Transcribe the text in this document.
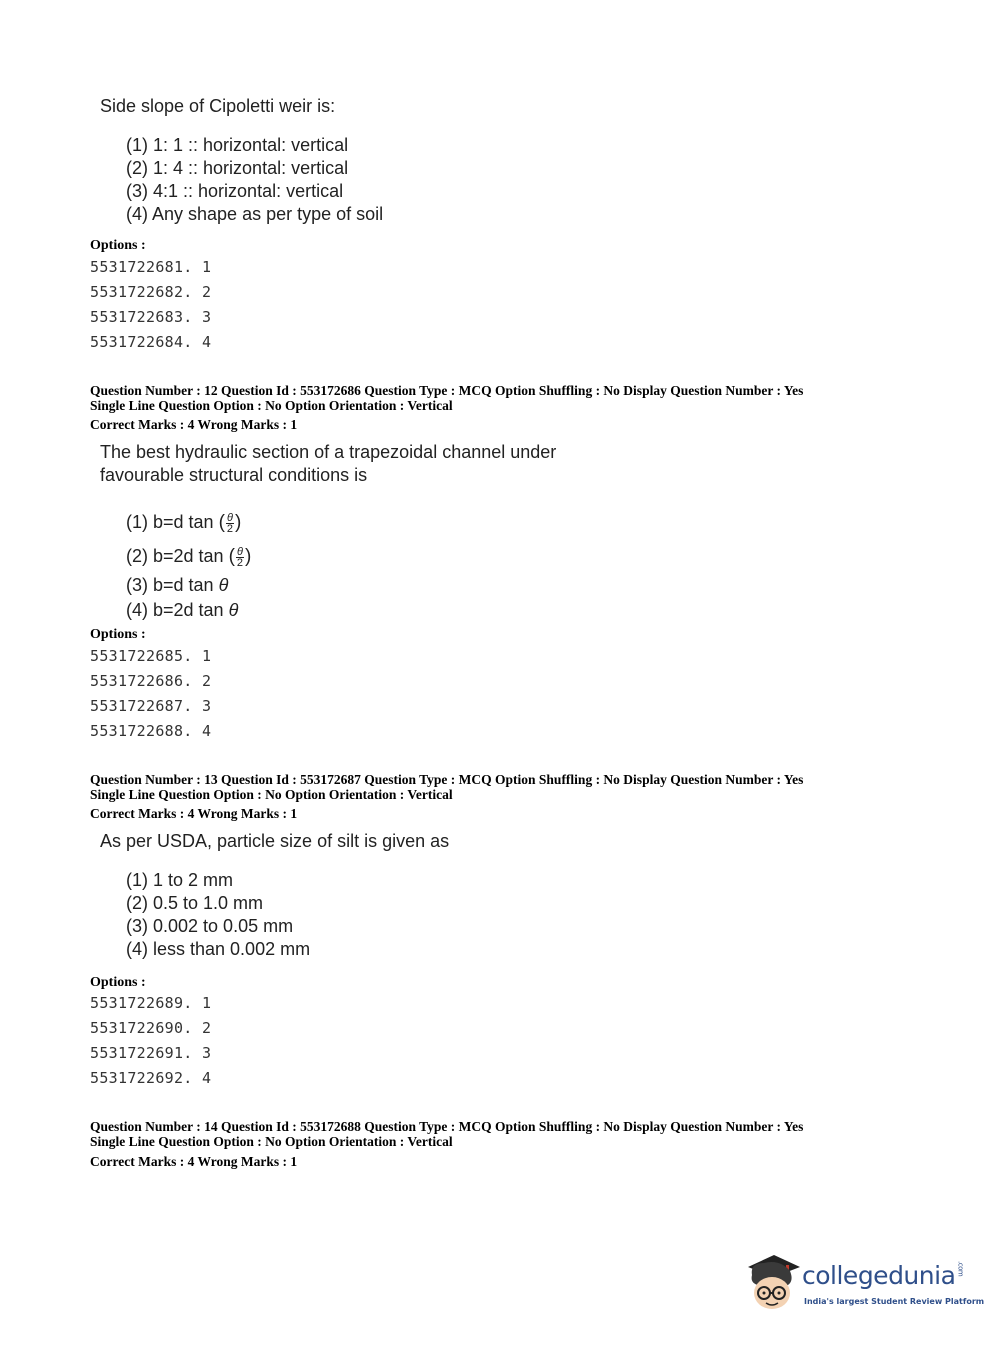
Side slope of Cipoletti weir is:
(1) 1: 1 :: horizontal: vertical
(2) 1: 4 :: horizontal: vertical
(3) 4:1 :: horizontal: vertical
(4) Any shape as per type of soil
Options :
5531722681. 1
5531722682. 2
5531722683. 3
5531722684. 4
Question Number : 12 Question Id : 553172686 Question Type : MCQ Option Shuffling : No Display Question Number : Yes
Single Line Question Option : No Option Orientation : Vertical
Correct Marks : 4 Wrong Marks : 1
The best hydraulic section of a trapezoidal channel under
favourable structural conditions is
(1) b=d tan ( $\frac{\theta}{2}$ )
(2) b=2d tan ( $\frac{\theta}{2}$ )
(3) b=d tan θ
(4) b=2d tan θ
Options :
5531722685. 1
5531722686. 2
5531722687. 3
5531722688. 4
Question Number : 13 Question Id : 553172687 Question Type : MCQ Option Shuffling : No Display Question Number : Yes
Single Line Question Option : No Option Orientation : Vertical
Correct Marks : 4 Wrong Marks : 1
As per USDA, particle size of silt is given as
(1) 1 to 2 mm
(2) 0.5 to 1.0 mm
(3) 0.002 to 0.05 mm
(4) less than 0.002 mm
Options :
5531722689. 1
5531722690. 2
5531722691. 3
5531722692. 4
Question Number : 14 Question Id : 553172688 Question Type : MCQ Option Shuffling : No Display Question Number : Yes
Single Line Question Option : No Option Orientation : Vertical
Correct Marks : 4 Wrong Marks : 1
collegedunia.com
India's largest Student Review Platform
